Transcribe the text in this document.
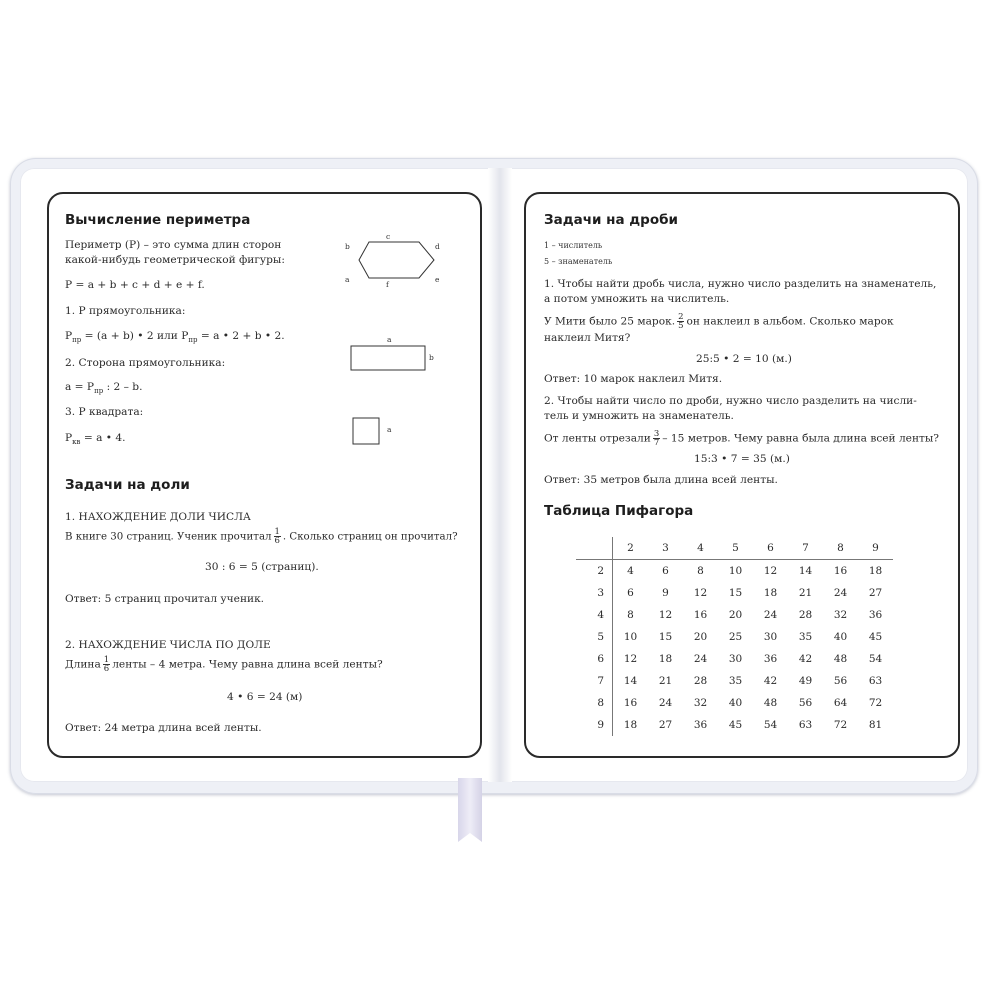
Вычисление периметра
Периметр (P) – это сумма длин сторон
какой-нибудь геометрической фигуры:
P = a + b + c + d + e + f.
b
c
d
a
f
e
1. P прямоугольника:
$P_{пр} = (a + b)$ • 2 или $P_{пр} = a$ • 2 + b • 2.	a
b
2. Сторона прямоугольника:
$a = P_{пр}$ : 2 – b.
3. P квадрата:
$P_{кв} = a$ • 4.
a
Задачи на доли
1. НАХОЖДЕНИЕ ДОЛИ ЧИСЛА
В книге 30 страниц. Ученик прочитал $\frac{1}{6}$ . Сколько страниц он прочитал?
30 : 6 = 5 (страниц).
Ответ: 5 страниц прочитал ученик.
2. НАХОЖДЕНИЕ ЧИСЛА ПО ДОЛЕ
Длина $\frac{1}{6}$ ленты – 4 метра. Чему равна длина всей ленты?
4 • 6 = 24 (м)
Ответ: 24 метра длина всей ленты.
Задачи на дроби
1 – числитель
5 – знаменатель
1. Чтобы найти дробь числа, нужно число разделить на знаменатель,
а потом умножить на числитель.
У Мити было 25 марок. $\frac{2}{5}$ он наклеил в альбом. Сколько марок
наклеил Митя?
25:5 • 2 = 10 (м.)
Ответ: 10 марок наклеил Митя.
2. Чтобы найти число по дроби, нужно число разделить на числи-
тель и умножить на знаменатель.
От ленты отрезали $\frac{3}{7} - 15$ метров. Чему равна была длина всей ленты?
15:3 • 7 = 35 (м.)
Ответ: 35 метров была длина всей ленты.
Таблица Пифагора
	2	3	4	5	6	7	8	9
2	4	6	8	10	12	14	16	18
3	6	9	12	15	18	21	24	27
4	8	12	16	20	24	28	32	36
5	10	15	20	25	30	35	40	45
6	12	18	24	30	36	42	48	54
7	14	21	28	35	42	49	56	63
8	16	24	32	40	48	56	64	72
9	18	27	36	45	54	63	72	81
